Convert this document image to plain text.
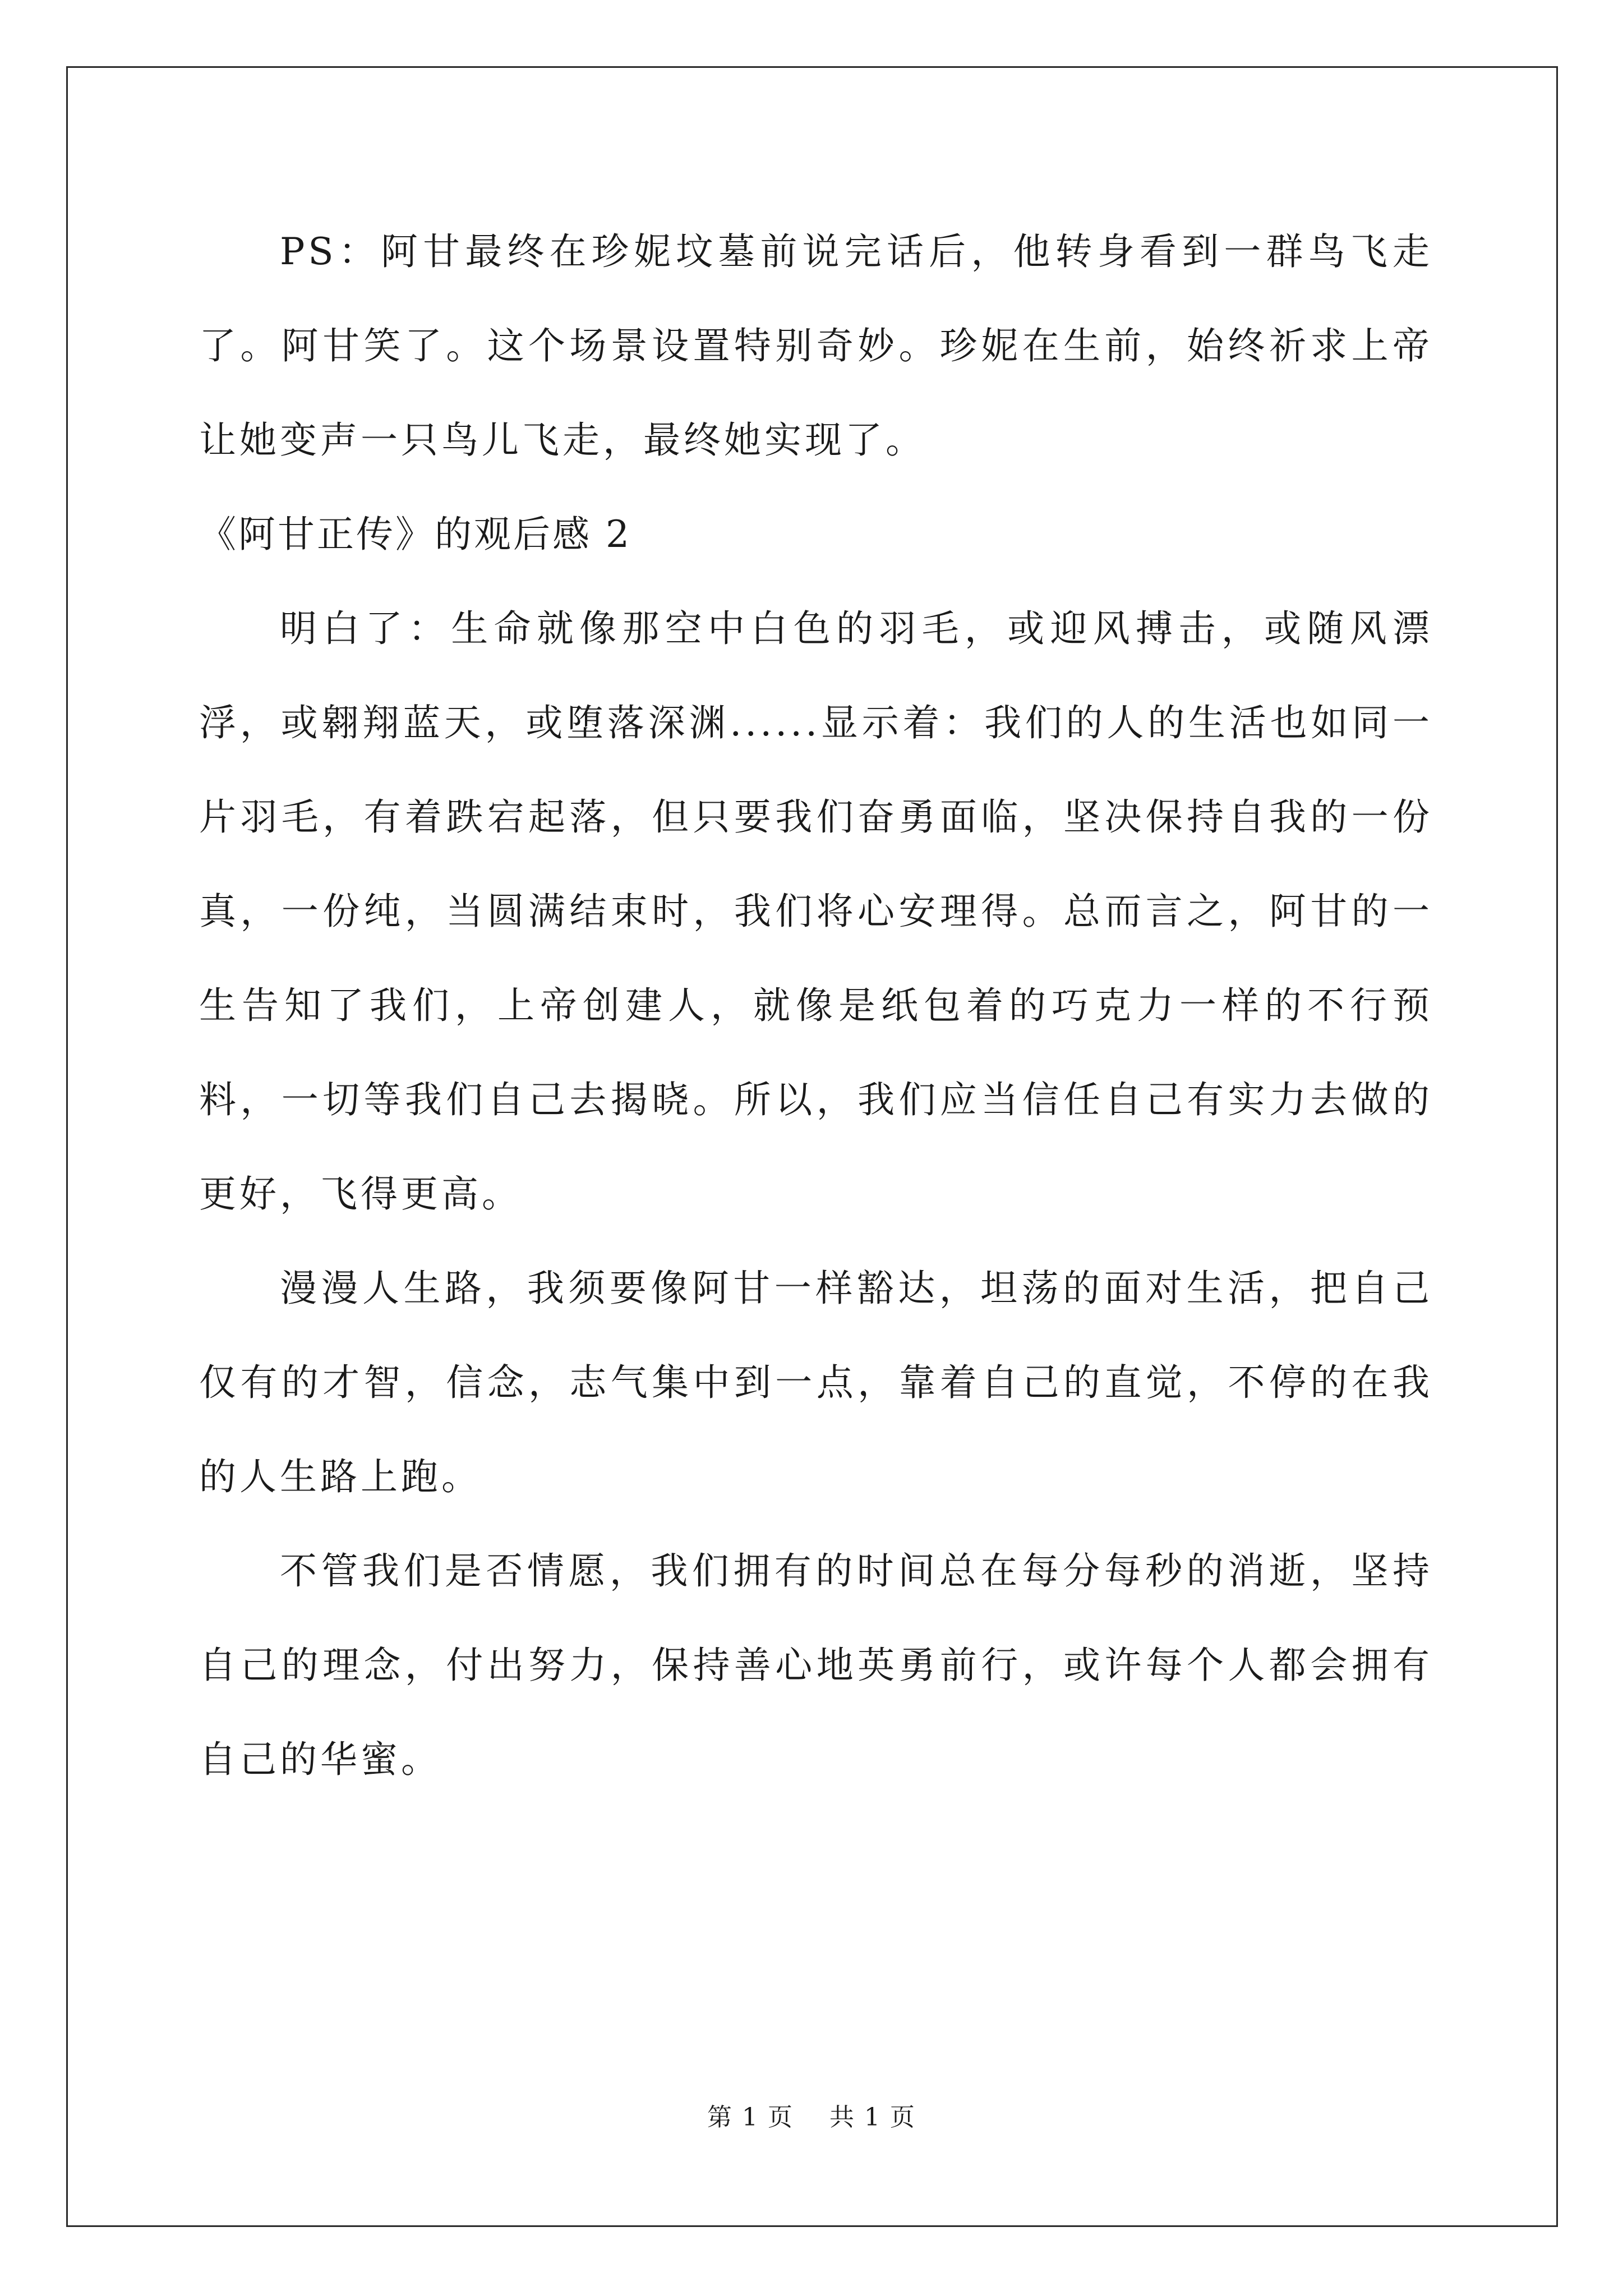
PS：阿甘最终在珍妮坟墓前说完话后，他转身看到一群鸟飞走了。阿甘笑了。这个场景设置特别奇妙。珍妮在生前，始终祈求上帝让她变声一只鸟儿飞走，最终她实现了。

《阿甘正传》的观后感 2

明白了：生命就像那空中白色的羽毛，或迎风搏击，或随风漂浮，或翱翔蓝天，或堕落深渊......显示着：我们的人的生活也如同一片羽毛，有着跌宕起落，但只要我们奋勇面临，坚决保持自我的一份真，一份纯，当圆满结束时，我们将心安理得。总而言之，阿甘的一生告知了我们，上帝创建人，就像是纸包着的巧克力一样的不行预料，一切等我们自己去揭晓。所以，我们应当信任自己有实力去做的更好，飞得更高。

漫漫人生路，我须要像阿甘一样豁达，坦荡的面对生活，把自己仅有的才智，信念，志气集中到一点，靠着自己的直觉，不停的在我的人生路上跑。

不管我们是否情愿，我们拥有的时间总在每分每秒的消逝，坚持自己的理念，付出努力，保持善心地英勇前行，或许每个人都会拥有自己的华蜜。

第 1 页 共 1 页
